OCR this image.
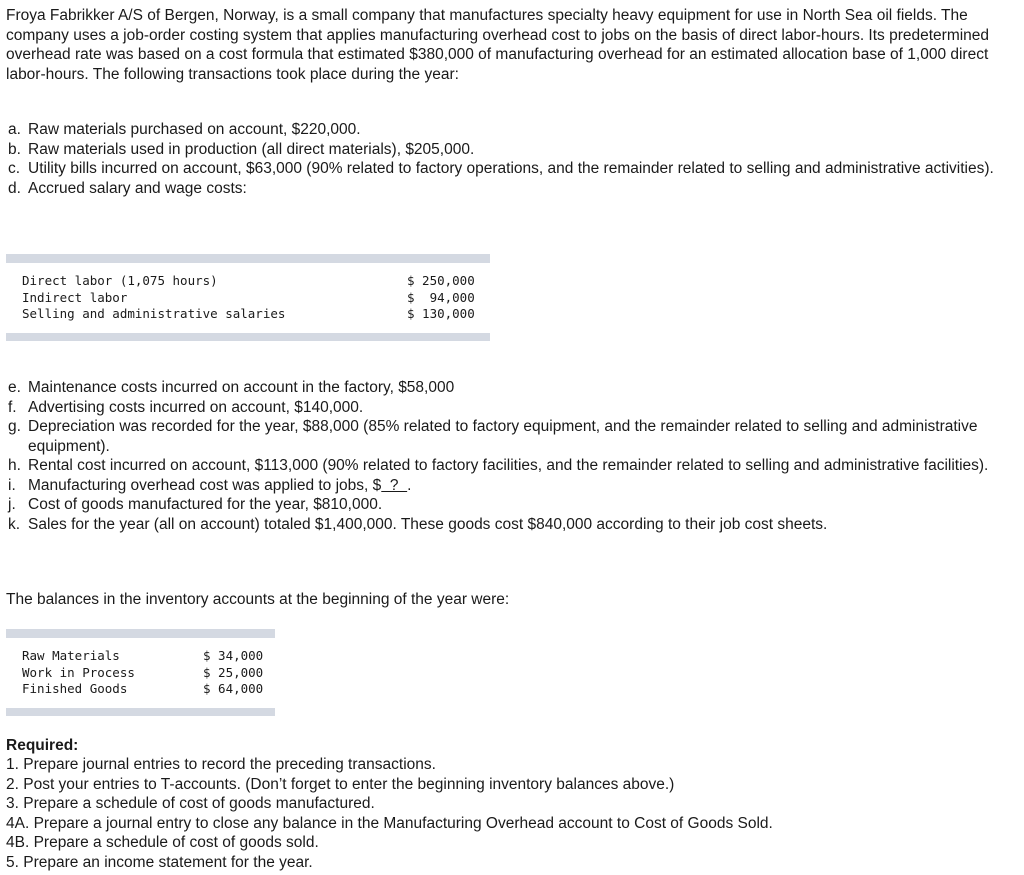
Froya Fabrikker A/S of Bergen, Norway, is a small company that manufactures specialty heavy equipment for use in North Sea oil fields. The company uses a job-order costing system that applies manufacturing overhead cost to jobs on the basis of direct labor-hours. Its predetermined overhead rate was based on a cost formula that estimated $380,000 of manufacturing overhead for an estimated allocation base of 1,000 direct labor-hours. The following transactions took place during the year:
a. Raw materials purchased on account, $220,000.
b. Raw materials used in production (all direct materials), $205,000.
c. Utility bills incurred on account, $63,000 (90% related to factory operations, and the remainder related to selling and administrative activities).
d. Accrued salary and wage costs:
Direct labor (1,075 hours)	$ 250,000
Indirect labor	$  94,000
Selling and administrative salaries	$ 130,000
e. Maintenance costs incurred on account in the factory, $58,000
f. Advertising costs incurred on account, $140,000.
g. Depreciation was recorded for the year, $88,000 (85% related to factory equipment, and the remainder related to selling and administrative equipment).
h. Rental cost incurred on account, $113,000 (90% related to factory facilities, and the remainder related to selling and administrative facilities).
i. Manufacturing overhead cost was applied to jobs, $  ?  .
j. Cost of goods manufactured for the year, $810,000.
k. Sales for the year (all on account) totaled $1,400,000. These goods cost $840,000 according to their job cost sheets.
The balances in the inventory accounts at the beginning of the year were:
Raw Materials	$ 34,000
Work in Process	$ 25,000
Finished Goods	$ 64,000
Required:
1. Prepare journal entries to record the preceding transactions.
2. Post your entries to T-accounts. (Don’t forget to enter the beginning inventory balances above.)
3. Prepare a schedule of cost of goods manufactured.
4A. Prepare a journal entry to close any balance in the Manufacturing Overhead account to Cost of Goods Sold.
4B. Prepare a schedule of cost of goods sold.
5. Prepare an income statement for the year.
